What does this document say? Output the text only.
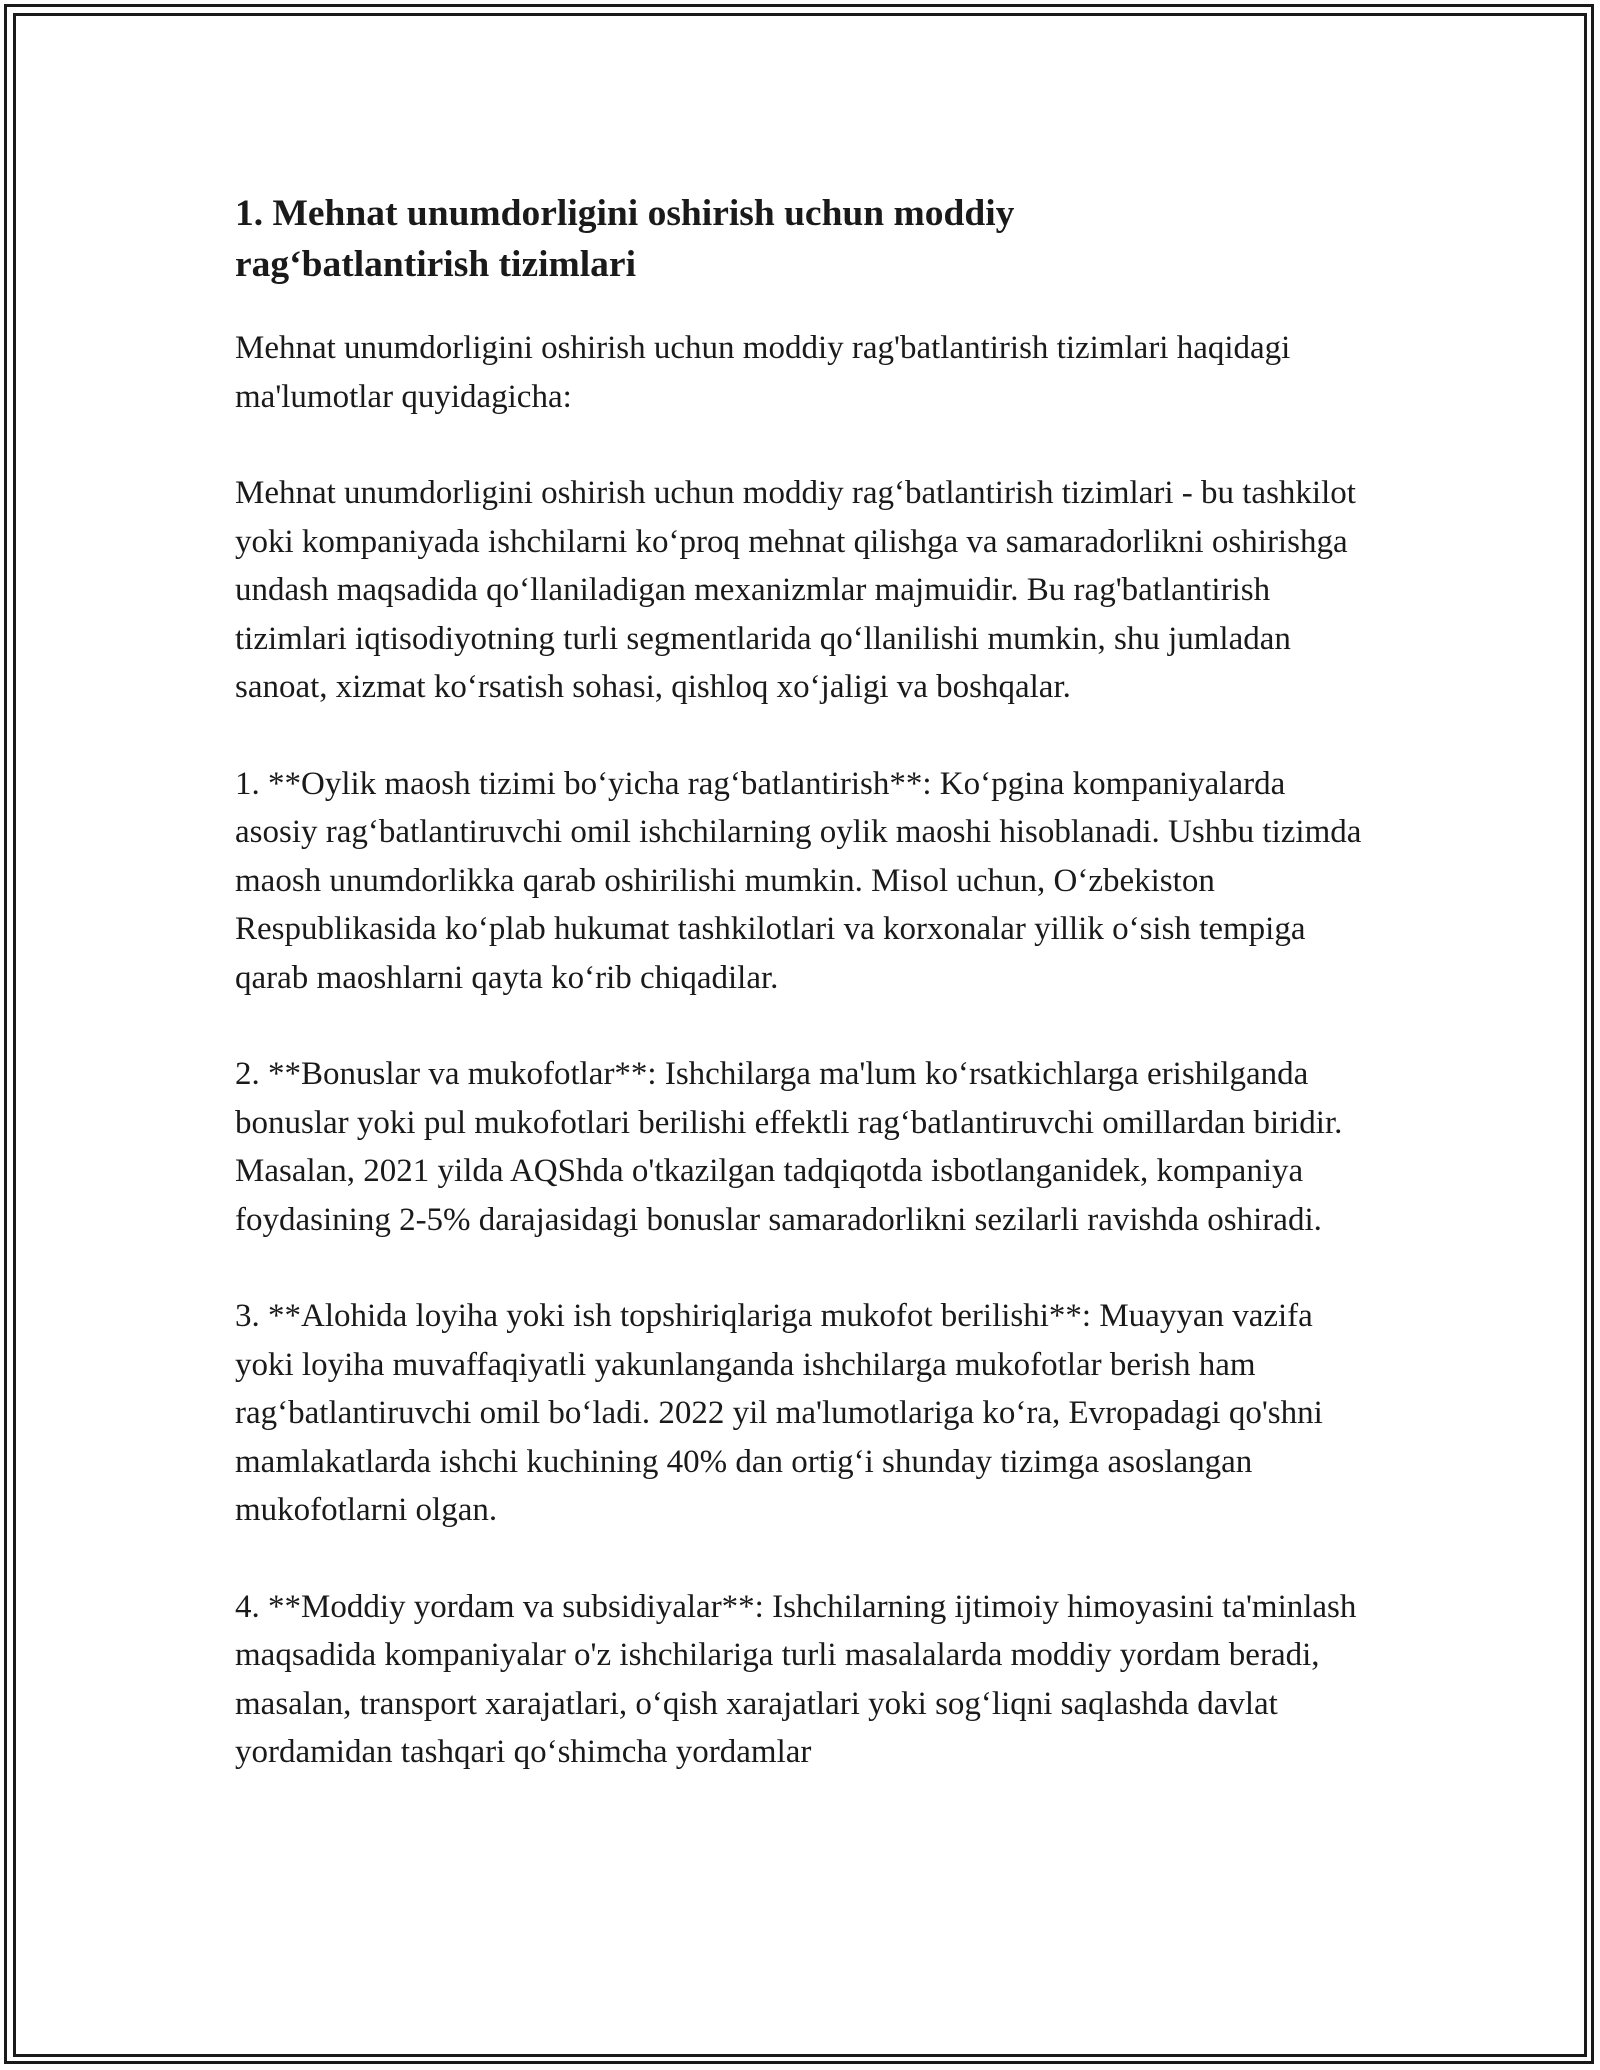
1. Mehnat unumdorligini oshirish uchun moddiy
rag‘batlantirish tizimlari

Mehnat unumdorligini oshirish uchun moddiy rag'batlantirish tizimlari haqidagi ma'lumotlar quyidagicha:

Mehnat unumdorligini oshirish uchun moddiy rag‘batlantirish tizimlari - bu tashkilot yoki kompaniyada ishchilarni ko‘proq mehnat qilishga va samaradorlikni oshirishga undash maqsadida qo‘llaniladigan mexanizmlar majmuidir. Bu rag'batlantirish tizimlari iqtisodiyotning turli segmentlarida qo‘llanilishi mumkin, shu jumladan sanoat, xizmat ko‘rsatish sohasi, qishloq xo‘jaligi va boshqalar.

1. **Oylik maosh tizimi bo‘yicha rag‘batlantirish**: Ko‘pgina kompaniyalarda asosiy rag‘batlantiruvchi omil ishchilarning oylik maoshi hisoblanadi. Ushbu tizimda maosh unumdorlikka qarab oshirilishi mumkin. Misol uchun, O‘zbekiston Respublikasida ko‘plab hukumat tashkilotlari va korxonalar yillik o‘sish tempiga qarab maoshlarni qayta ko‘rib chiqadilar.

2. **Bonuslar va mukofotlar**: Ishchilarga ma'lum ko‘rsatkichlarga erishilganda bonuslar yoki pul mukofotlari berilishi effektli rag‘batlantiruvchi omillardan biridir. Masalan, 2021 yilda AQShda o'tkazilgan tadqiqotda isbotlanganidek, kompaniya foydasining 2-5% darajasidagi bonuslar samaradorlikni sezilarli ravishda oshiradi.

3. **Alohida loyiha yoki ish topshiriqlariga mukofot berilishi**: Muayyan vazifa yoki loyiha muvaffaqiyatli yakunlanganda ishchilarga mukofotlar berish ham rag‘batlantiruvchi omil bo‘ladi. 2022 yil ma'lumotlariga ko‘ra, Evropadagi qo'shni mamlakatlarda ishchi kuchining 40% dan ortig‘i shunday tizimga asoslangan mukofotlarni olgan.

4. **Moddiy yordam va subsidiyalar**: Ishchilarning ijtimoiy himoyasini ta'minlash maqsadida kompaniyalar o'z ishchilariga turli masalalarda moddiy yordam beradi, masalan, transport xarajatlari, o‘qish xarajatlari yoki sog‘liqni saqlashda davlat yordamidan tashqari qo‘shimcha yordamlar
